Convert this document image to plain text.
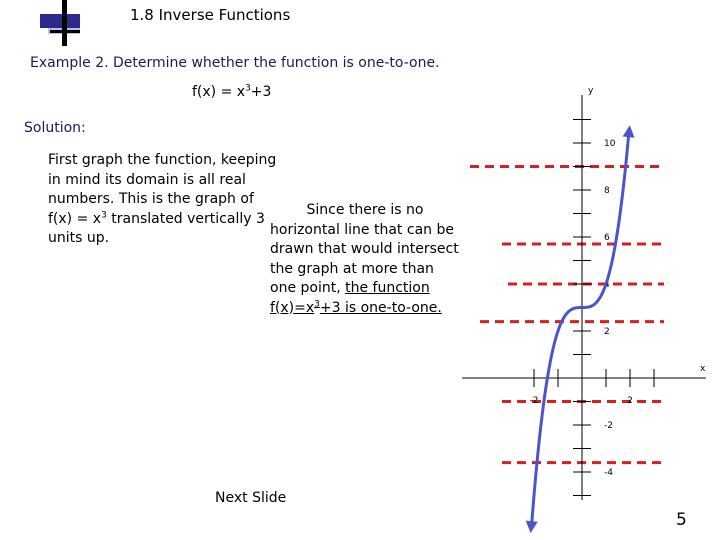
1.8 Inverse Functions
Example 2. Determine whether the function is one-to-one.
$f(x) = x^3+3$
Solution:
First graph the function, keeping in mind its domain is all real numbers. This is the graph of $f(x) = x^3$ translated vertically 3 units up.
Since there is no
horizontal line that can be drawn that would intersect the graph at more than one point, the function $f(x)=x^3+3$ is one-to-one.
10
8
6
4
2
-2
-4
-2	2
x
y
Next Slide
5
